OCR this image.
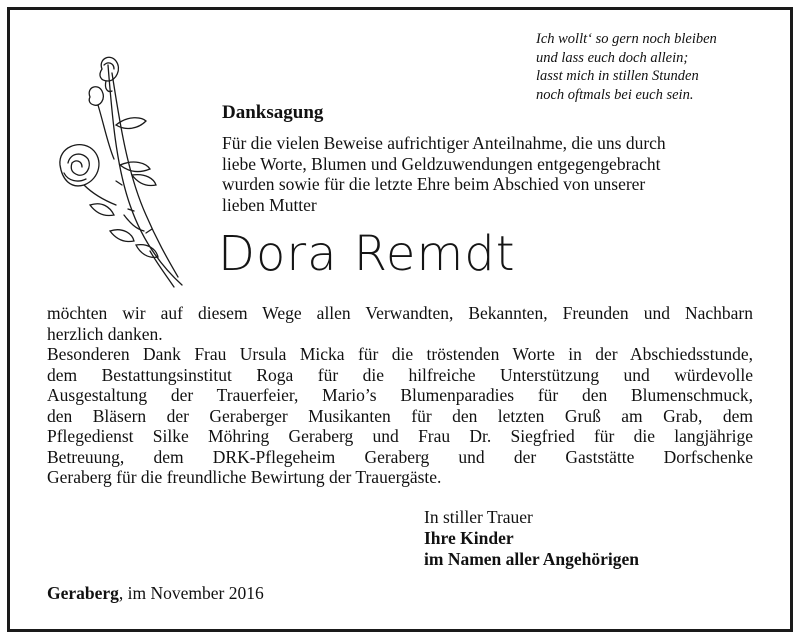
Ich wollt‘ so gern noch bleiben
und lass euch doch allein;
lasst mich in stillen Stunden
noch oftmals bei euch sein.
Danksagung
Für die vielen Beweise aufrichtiger Anteilnahme, die uns durch
liebe Worte, Blumen und Geldzuwendungen entgegengebracht
wurden sowie für die letzte Ehre beim Abschied von unserer
lieben Mutter
Dora Remdt
möchten wir auf diesem Wege allen Verwandten, Bekannten, Freunden und Nachbarn
herzlich danken.
Besonderen Dank Frau Ursula Micka für die tröstenden Worte in der Abschiedsstunde,
dem Bestattungsinstitut Roga für die hilfreiche Unterstützung und würdevolle
Ausgestaltung der Trauerfeier, Mario’s Blumenparadies für den Blumenschmuck,
den Bläsern der Geraberger Musikanten für den letzten Gruß am Grab, dem
Pflegedienst Silke Möhring Geraberg und Frau Dr. Siegfried für die langjährige
Betreuung, dem DRK-Pflegeheim Geraberg und der Gaststätte Dorfschenke
Geraberg für die freundliche Bewirtung der Trauergäste.
In stiller Trauer
Ihre Kinder
im Namen aller Angehörigen
Geraberg, im November 2016
